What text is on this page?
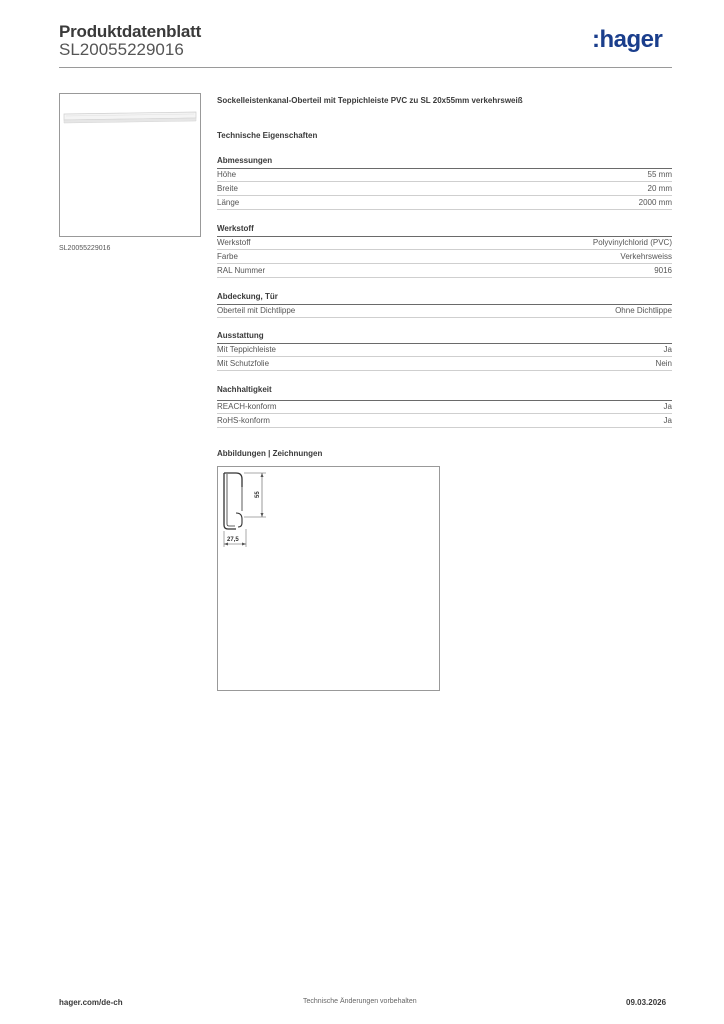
Produktdatenblatt
SL20055229016	:hager
SL20055229016
Sockelleistenkanal-Oberteil mit Teppichleiste PVC zu SL 20x55mm verkehrsweiß
Technische Eigenschaften
Abmessungen
Höhe	55 mm
Breite	20 mm
Länge	2000 mm
Werkstoff
Werkstoff	Polyvinylchlorid (PVC)
Farbe	Verkehrsweiss
RAL Nummer	9016
Abdeckung, Tür
Oberteil mit Dichtlippe	Ohne Dichtlippe
Ausstattung
Mit Teppichleiste	Ja
Mit Schutzfolie	Nein
Nachhaltigkeit
REACH-konform	Ja
RoHS-konform	Ja
Abbildungen | Zeichnungen
55
27,5
hager.com/de-ch	Technische Änderungen vorbehalten	09.03.2026
